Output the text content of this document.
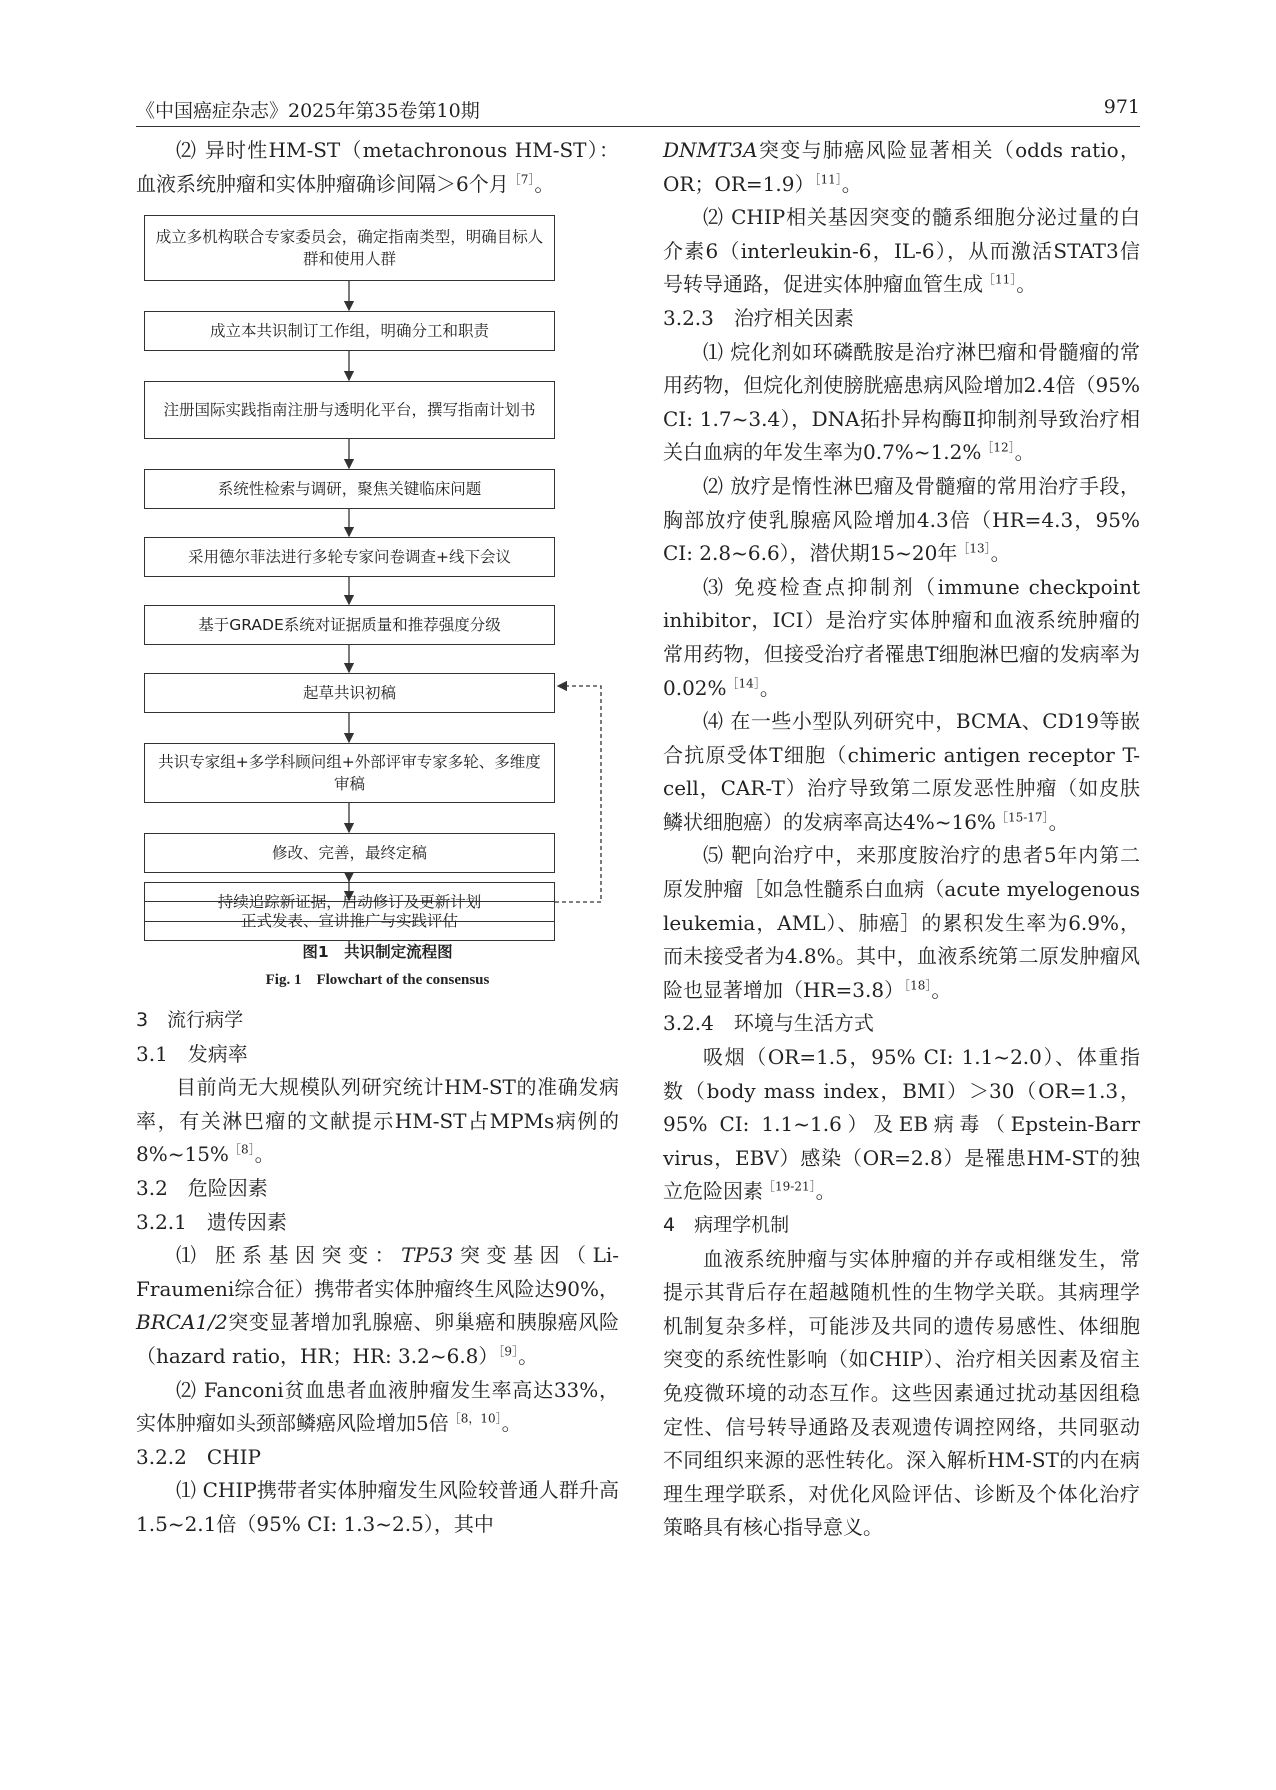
《中国癌症杂志》2025年第35卷第10期	971

⑵ 异时性HM-ST（metachronous HM-ST）：血液系统肿瘤和实体肿瘤确诊间隔＞6个月$^{[7]}$。

成立多机构联合专家委员会，确定指南类型，明确目标人群和使用人群
成立本共识制订工作组，明确分工和职责
注册国际实践指南注册与透明化平台，撰写指南计划书
系统性检索与调研，聚焦关键临床问题
采用德尔菲法进行多轮专家问卷调查+线下会议
基于GRADE系统对证据质量和推荐强度分级
起草共识初稿
共识专家组+多学科顾问组+外部评审专家多轮、多维度审稿
修改、完善，最终定稿
正式发表、宣讲推广与实践评估
持续追踪新证据，启动修订及更新计划
图1　共识制定流程图
Fig. 1　Flowchart of the consensus

3　流行病学

3.1　发病率

目前尚无大规模队列研究统计HM-ST的准确发病率，有关淋巴瘤的文献提示HM-ST占MPMs病例的8%~15%$^{[8]}$。

3.2　危险因素

3.2.1　遗传因素

⑴ 胚系基因突变：TP53突变基因（Li-Fraumeni综合征）携带者实体肿瘤终生风险达90%，BRCA1/2突变显著增加乳腺癌、卵巢癌和胰腺癌风险（hazard ratio，HR；HR: 3.2~6.8）$^{[9]}$。

⑵ Fanconi贫血患者血液肿瘤发生率高达33%，实体肿瘤如头颈部鳞癌风险增加5倍$^{[8,10]}$。

3.2.2　CHIP

⑴ CHIP携带者实体肿瘤发生风险较普通人群升高1.5~2.1倍（95% CI: 1.3~2.5），其中

DNMT3A突变与肺癌风险显著相关（odds ratio，OR；OR=1.9）$^{[11]}$。

⑵ CHIP相关基因突变的髓系细胞分泌过量的白介素6（interleukin-6，IL-6），从而激活STAT3信号转导通路，促进实体肿瘤血管生成$^{[11]}$。

3.2.3　治疗相关因素

⑴ 烷化剂如环磷酰胺是治疗淋巴瘤和骨髓瘤的常用药物，但烷化剂使膀胱癌患病风险增加2.4倍（95% CI: 1.7~3.4），DNA拓扑异构酶Ⅱ抑制剂导致治疗相关白血病的年发生率为0.7%~1.2%$^{[12]}$。

⑵ 放疗是惰性淋巴瘤及骨髓瘤的常用治疗手段，胸部放疗使乳腺癌风险增加4.3倍（HR=4.3，95% CI: 2.8~6.6），潜伏期15~20年$^{[13]}$。

⑶ 免疫检查点抑制剂（immune checkpoint inhibitor，ICI）是治疗实体肿瘤和血液系统肿瘤的常用药物，但接受治疗者罹患T细胞淋巴瘤的发病率为0.02%$^{[14]}$。

⑷ 在一些小型队列研究中，BCMA、CD19等嵌合抗原受体T细胞（chimeric antigen receptor T-cell，CAR-T）治疗导致第二原发恶性肿瘤（如皮肤鳞状细胞癌）的发病率高达4%~16%$^{[15-17]}$。

⑸ 靶向治疗中，来那度胺治疗的患者5年内第二原发肿瘤［如急性髓系白血病（acute myelogenous leukemia，AML）、肺癌］的累积发生率为6.9%，而未接受者为4.8%。其中，血液系统第二原发肿瘤风险也显著增加（HR=3.8）$^{[18]}$。

3.2.4　环境与生活方式

吸烟（OR=1.5，95% CI: 1.1~2.0）、体重指数（body mass index，BMI）＞30（OR=1.3，95% CI: 1.1~1.6）及EB病毒（Epstein-Barr virus，EBV）感染（OR=2.8）是罹患HM-ST的独立危险因素$^{[19-21]}$。

4　病理学机制

血液系统肿瘤与实体肿瘤的并存或相继发生，常提示其背后存在超越随机性的生物学关联。其病理学机制复杂多样，可能涉及共同的遗传易感性、体细胞突变的系统性影响（如CHIP）、治疗相关因素及宿主免疫微环境的动态互作。这些因素通过扰动基因组稳定性、信号转导通路及表观遗传调控网络，共同驱动不同组织来源的恶性转化。深入解析HM-ST的内在病理生理学联系，对优化风险评估、诊断及个体化治疗策略具有核心指导意义。
